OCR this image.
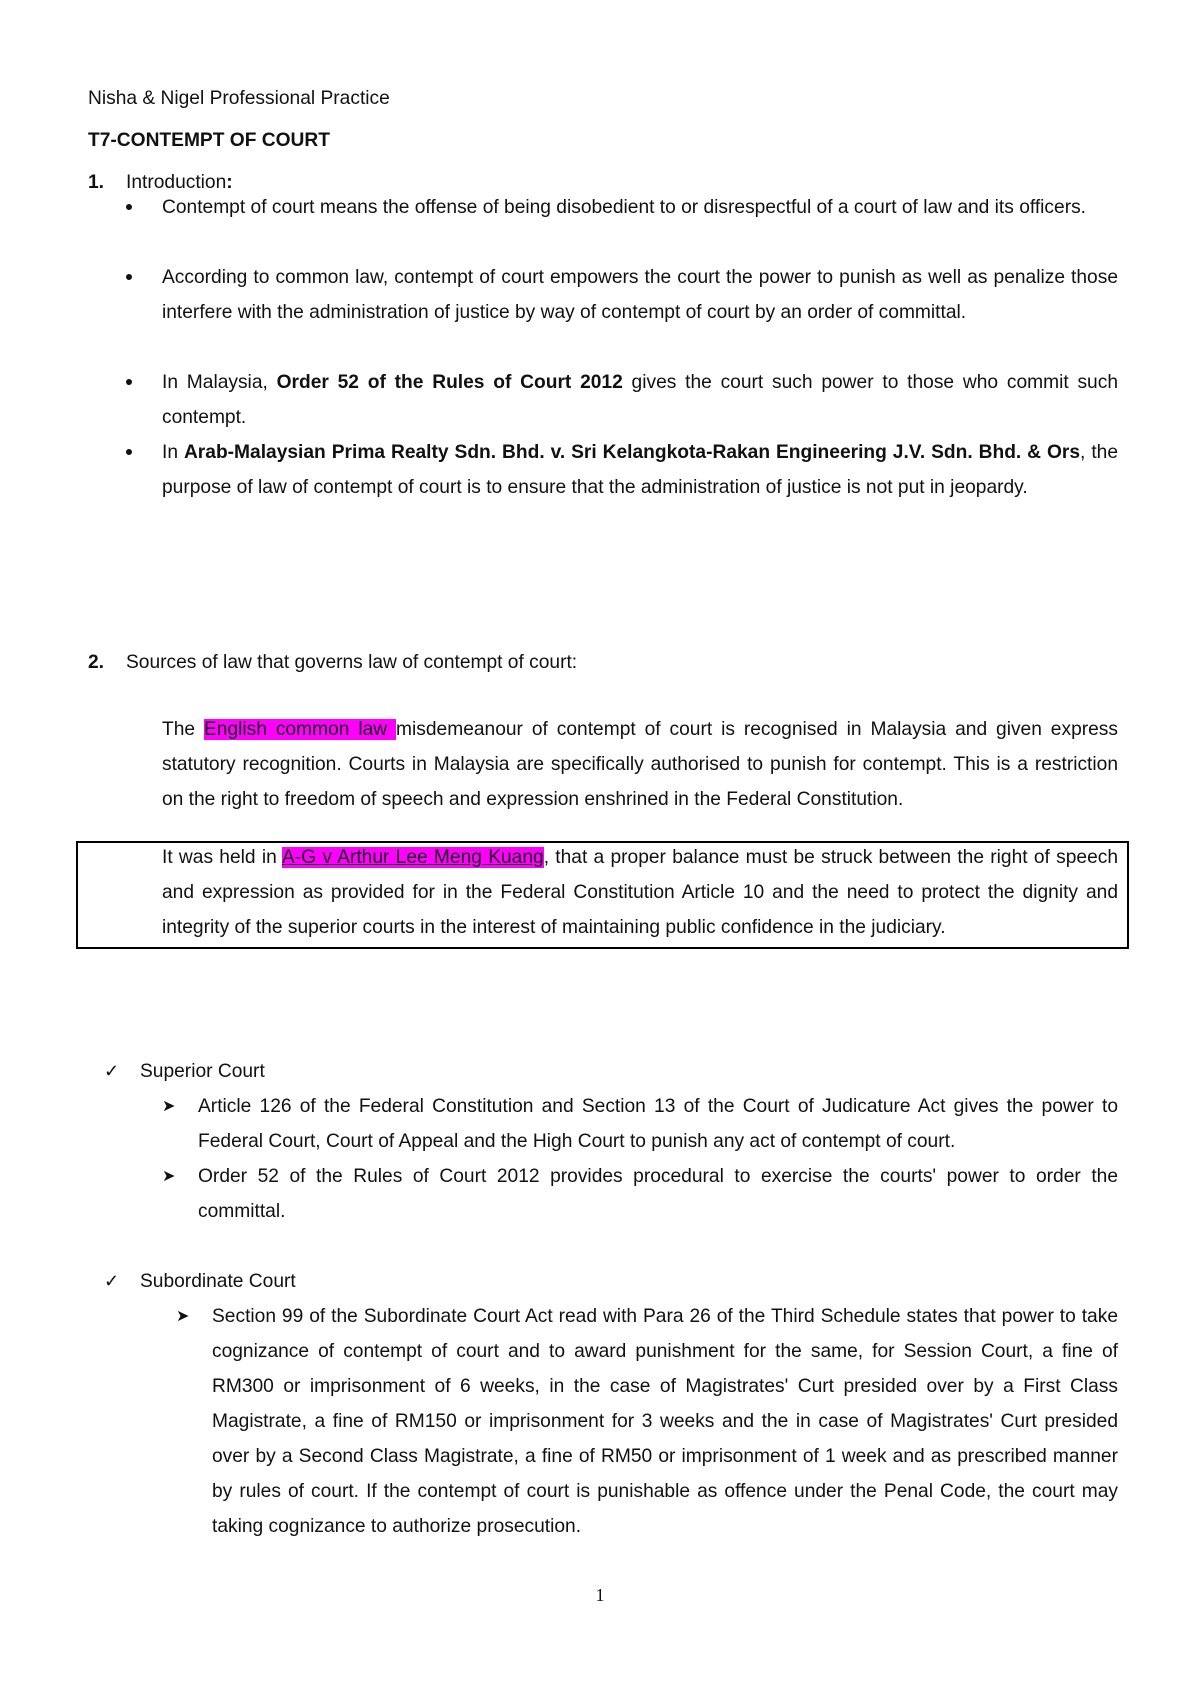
Nisha & Nigel Professional Practice
T7-CONTEMPT OF COURT
1. Introduction:
Contempt of court means the offense of being disobedient to or disrespectful of a court of law and its officers.
According to common law, contempt of court empowers the court the power to punish as well as penalize those interfere with the administration of justice by way of contempt of court by an order of committal.
In Malaysia, Order 52 of the Rules of Court 2012 gives the court such power to those who commit such contempt.
In Arab-Malaysian Prima Realty Sdn. Bhd. v. Sri Kelangkota-Rakan Engineering J.V. Sdn. Bhd. & Ors, the purpose of law of contempt of court is to ensure that the administration of justice is not put in jeopardy.
2. Sources of law that governs law of contempt of court:
The English common law misdemeanour of contempt of court is recognised in Malaysia and given express statutory recognition. Courts in Malaysia are specifically authorised to punish for contempt. This is a restriction on the right to freedom of speech and expression enshrined in the Federal Constitution.
It was held in A-G v Arthur Lee Meng Kuang, that a proper balance must be struck between the right of speech and expression as provided for in the Federal Constitution Article 10 and the need to protect the dignity and integrity of the superior courts in the interest of maintaining public confidence in the judiciary.
✓ Superior Court
➤ Article 126 of the Federal Constitution and Section 13 of the Court of Judicature Act gives the power to Federal Court, Court of Appeal and the High Court to punish any act of contempt of court.
➤ Order 52 of the Rules of Court 2012 provides procedural to exercise the courts' power to order the committal.
✓ Subordinate Court
➤ Section 99 of the Subordinate Court Act read with Para 26 of the Third Schedule states that power to take cognizance of contempt of court and to award punishment for the same, for Session Court, a fine of RM300 or imprisonment of 6 weeks, in the case of Magistrates' Curt presided over by a First Class Magistrate, a fine of RM150 or imprisonment for 3 weeks and the in case of Magistrates' Curt presided over by a Second Class Magistrate, a fine of RM50 or imprisonment of 1 week and as prescribed manner by rules of court. If the contempt of court is punishable as offence under the Penal Code, the court may taking cognizance to authorize prosecution.
1
